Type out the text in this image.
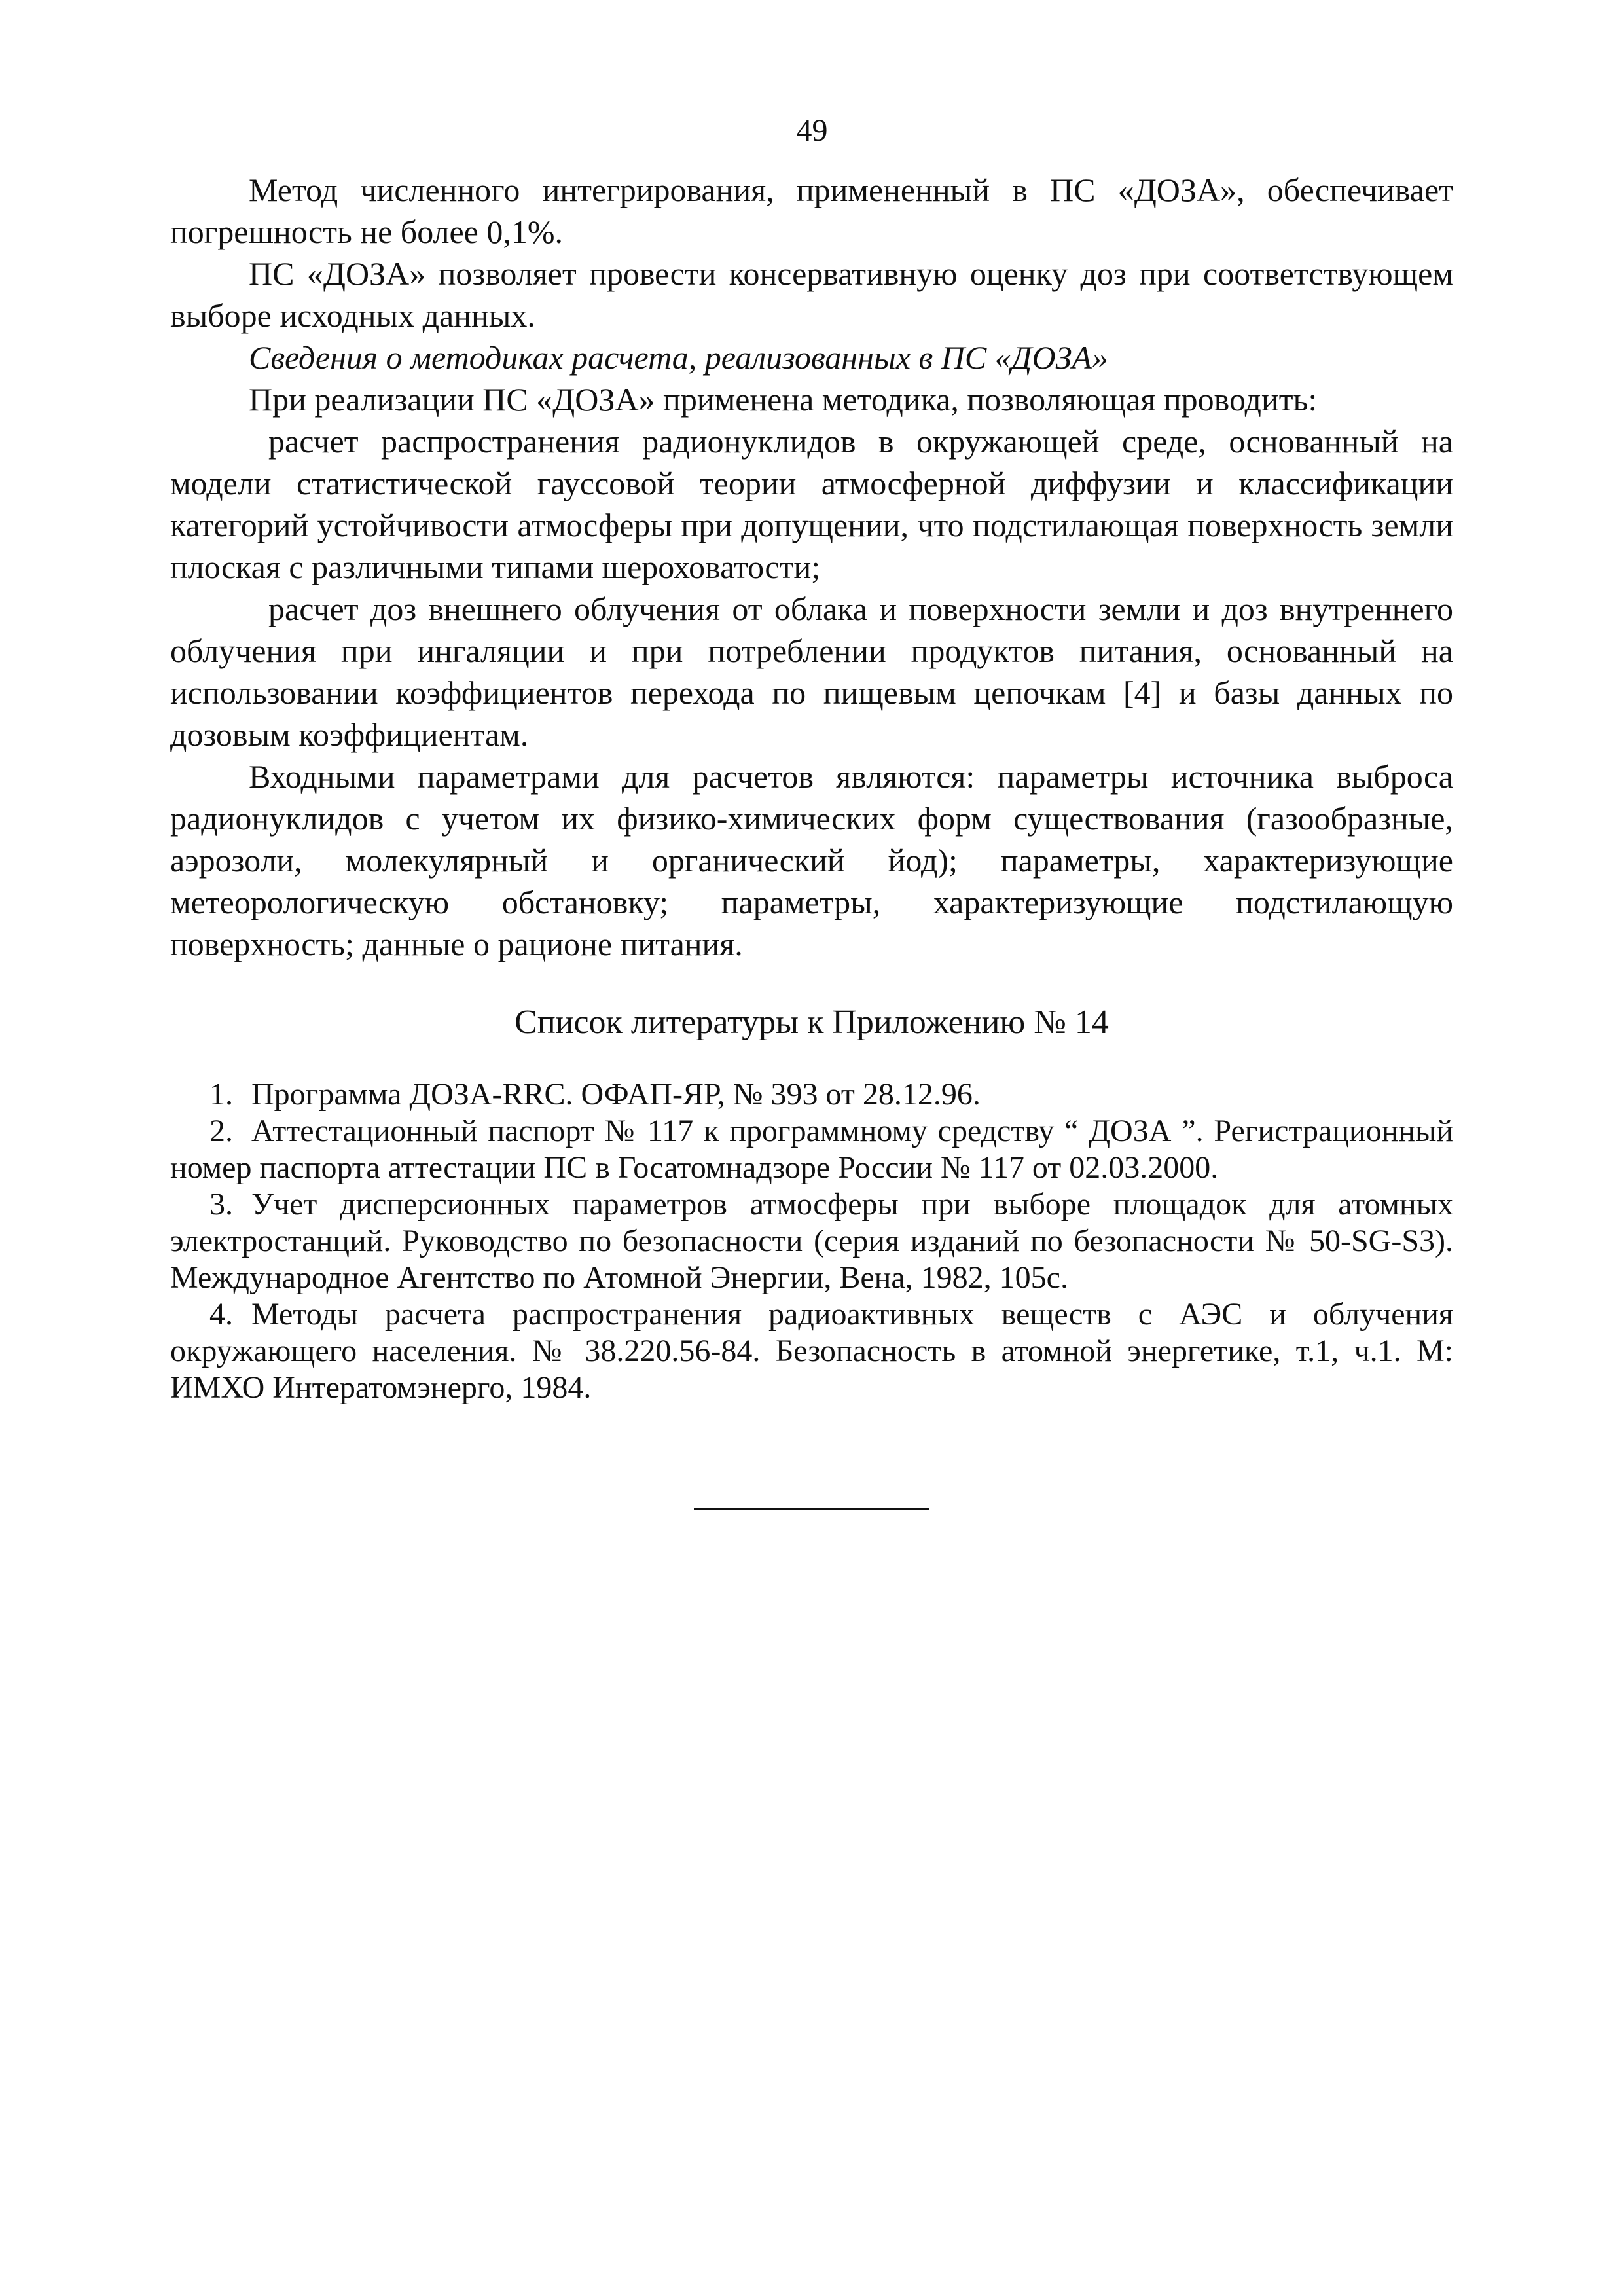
49

Метод численного интегрирования, примененный в ПС «ДОЗА», обеспечивает погрешность не более 0,1%.

ПС «ДОЗА» позволяет провести консервативную оценку доз при соответствующем выборе исходных данных.

Сведения о методиках расчета, реализованных в ПС «ДОЗА»

При реализации ПС «ДОЗА» применена методика, позволяющая проводить:

расчет распространения радионуклидов в окружающей среде, основанный на модели статистической гауссовой теории атмосферной диффузии и классификации категорий устойчивости атмосферы при допущении, что подстилающая поверхность земли плоская с различными типами шероховатости;

расчет доз внешнего облучения от облака и поверхности земли и доз внутреннего облучения при ингаляции и при потреблении продуктов питания, основанный на использовании коэффициентов перехода по пищевым цепочкам [4] и базы данных по дозовым коэффициентам.

Входными параметрами для расчетов являются: параметры источника выброса радионуклидов с учетом их физико-химических форм существования (газообразные, аэрозоли, молекулярный и органический йод); параметры, характеризующие метеорологическую обстановку; параметры, характеризующие подстилающую поверхность; данные о рационе питания.

Список литературы к Приложению № 14

1. Программа ДОЗА-RRC. ОФАП-ЯР, № 393 от 28.12.96.

2. Аттестационный паспорт № 117 к программному средству “ ДОЗА ”. Регистрационный номер паспорта аттестации ПС в Госатомнадзоре России № 117 от 02.03.2000.

3. Учет дисперсионных параметров атмосферы при выборе площадок для атомных электростанций. Руководство по безопасности (серия изданий по безопасности № 50-SG-S3). Международное Агентство по Атомной Энергии, Вена, 1982, 105с.

4. Методы расчета распространения радиоактивных веществ с АЭС и облучения окружающего населения. № 38.220.56-84. Безопасность в атомной энергетике, т.1, ч.1. М: ИМХО Интератомэнерго, 1984.
